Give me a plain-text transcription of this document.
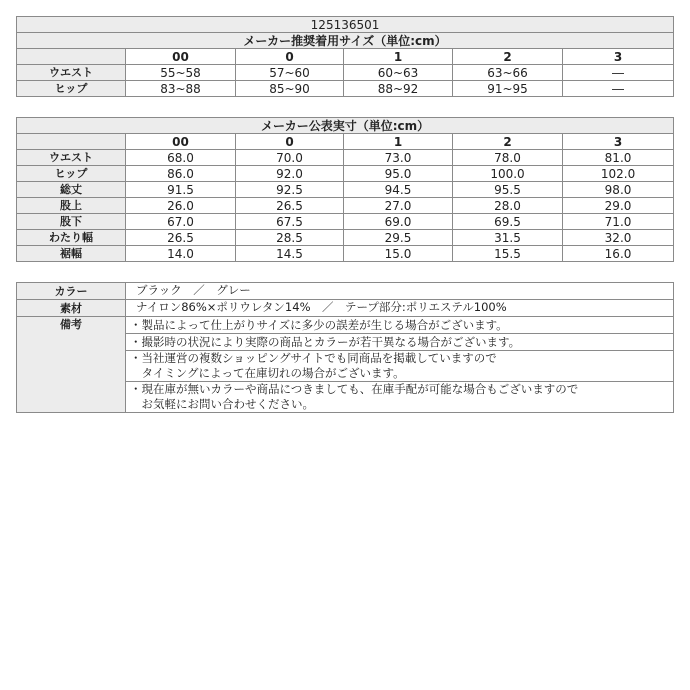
125136501					
メーカー推奨着用サイズ（単位:cm）					
	00	0	1	2	3
ウエスト	55~58	57~60	60~63	63~66	―
ヒップ	83~88	85~90	88~92	91~95	―
メーカー公表実寸（単位:cm）					
	00	0	1	2	3
ウエスト	68.0	70.0	73.0	78.0	81.0
ヒップ	86.0	92.0	95.0	100.0	102.0
総丈	91.5	92.5	94.5	95.5	98.0
股上	26.0	26.5	27.0	28.0	29.0
股下	67.0	67.5	69.0	69.5	71.0
わたり幅	26.5	28.5	29.5	31.5	32.0
裾幅	14.0	14.5	15.0	15.5	16.0
カラー	ブラック　／　グレー
素材	ナイロン86%×ポリウレタン14%　／　テープ部分:ポリエステル100%
備考	・製品によって仕上がりサイズに多少の誤差が生じる場合がございます。

	・撮影時の状況により実際の商品とカラーが若干異なる場合がございます。

	・当社運営の複数ショッピングサイトでも同商品を掲載していますので
　タイミングによって在庫切れの場合がございます。

	・現在庫が無いカラーや商品につきましても、在庫手配が可能な場合もございますので
　お気軽にお問い合わせください。
